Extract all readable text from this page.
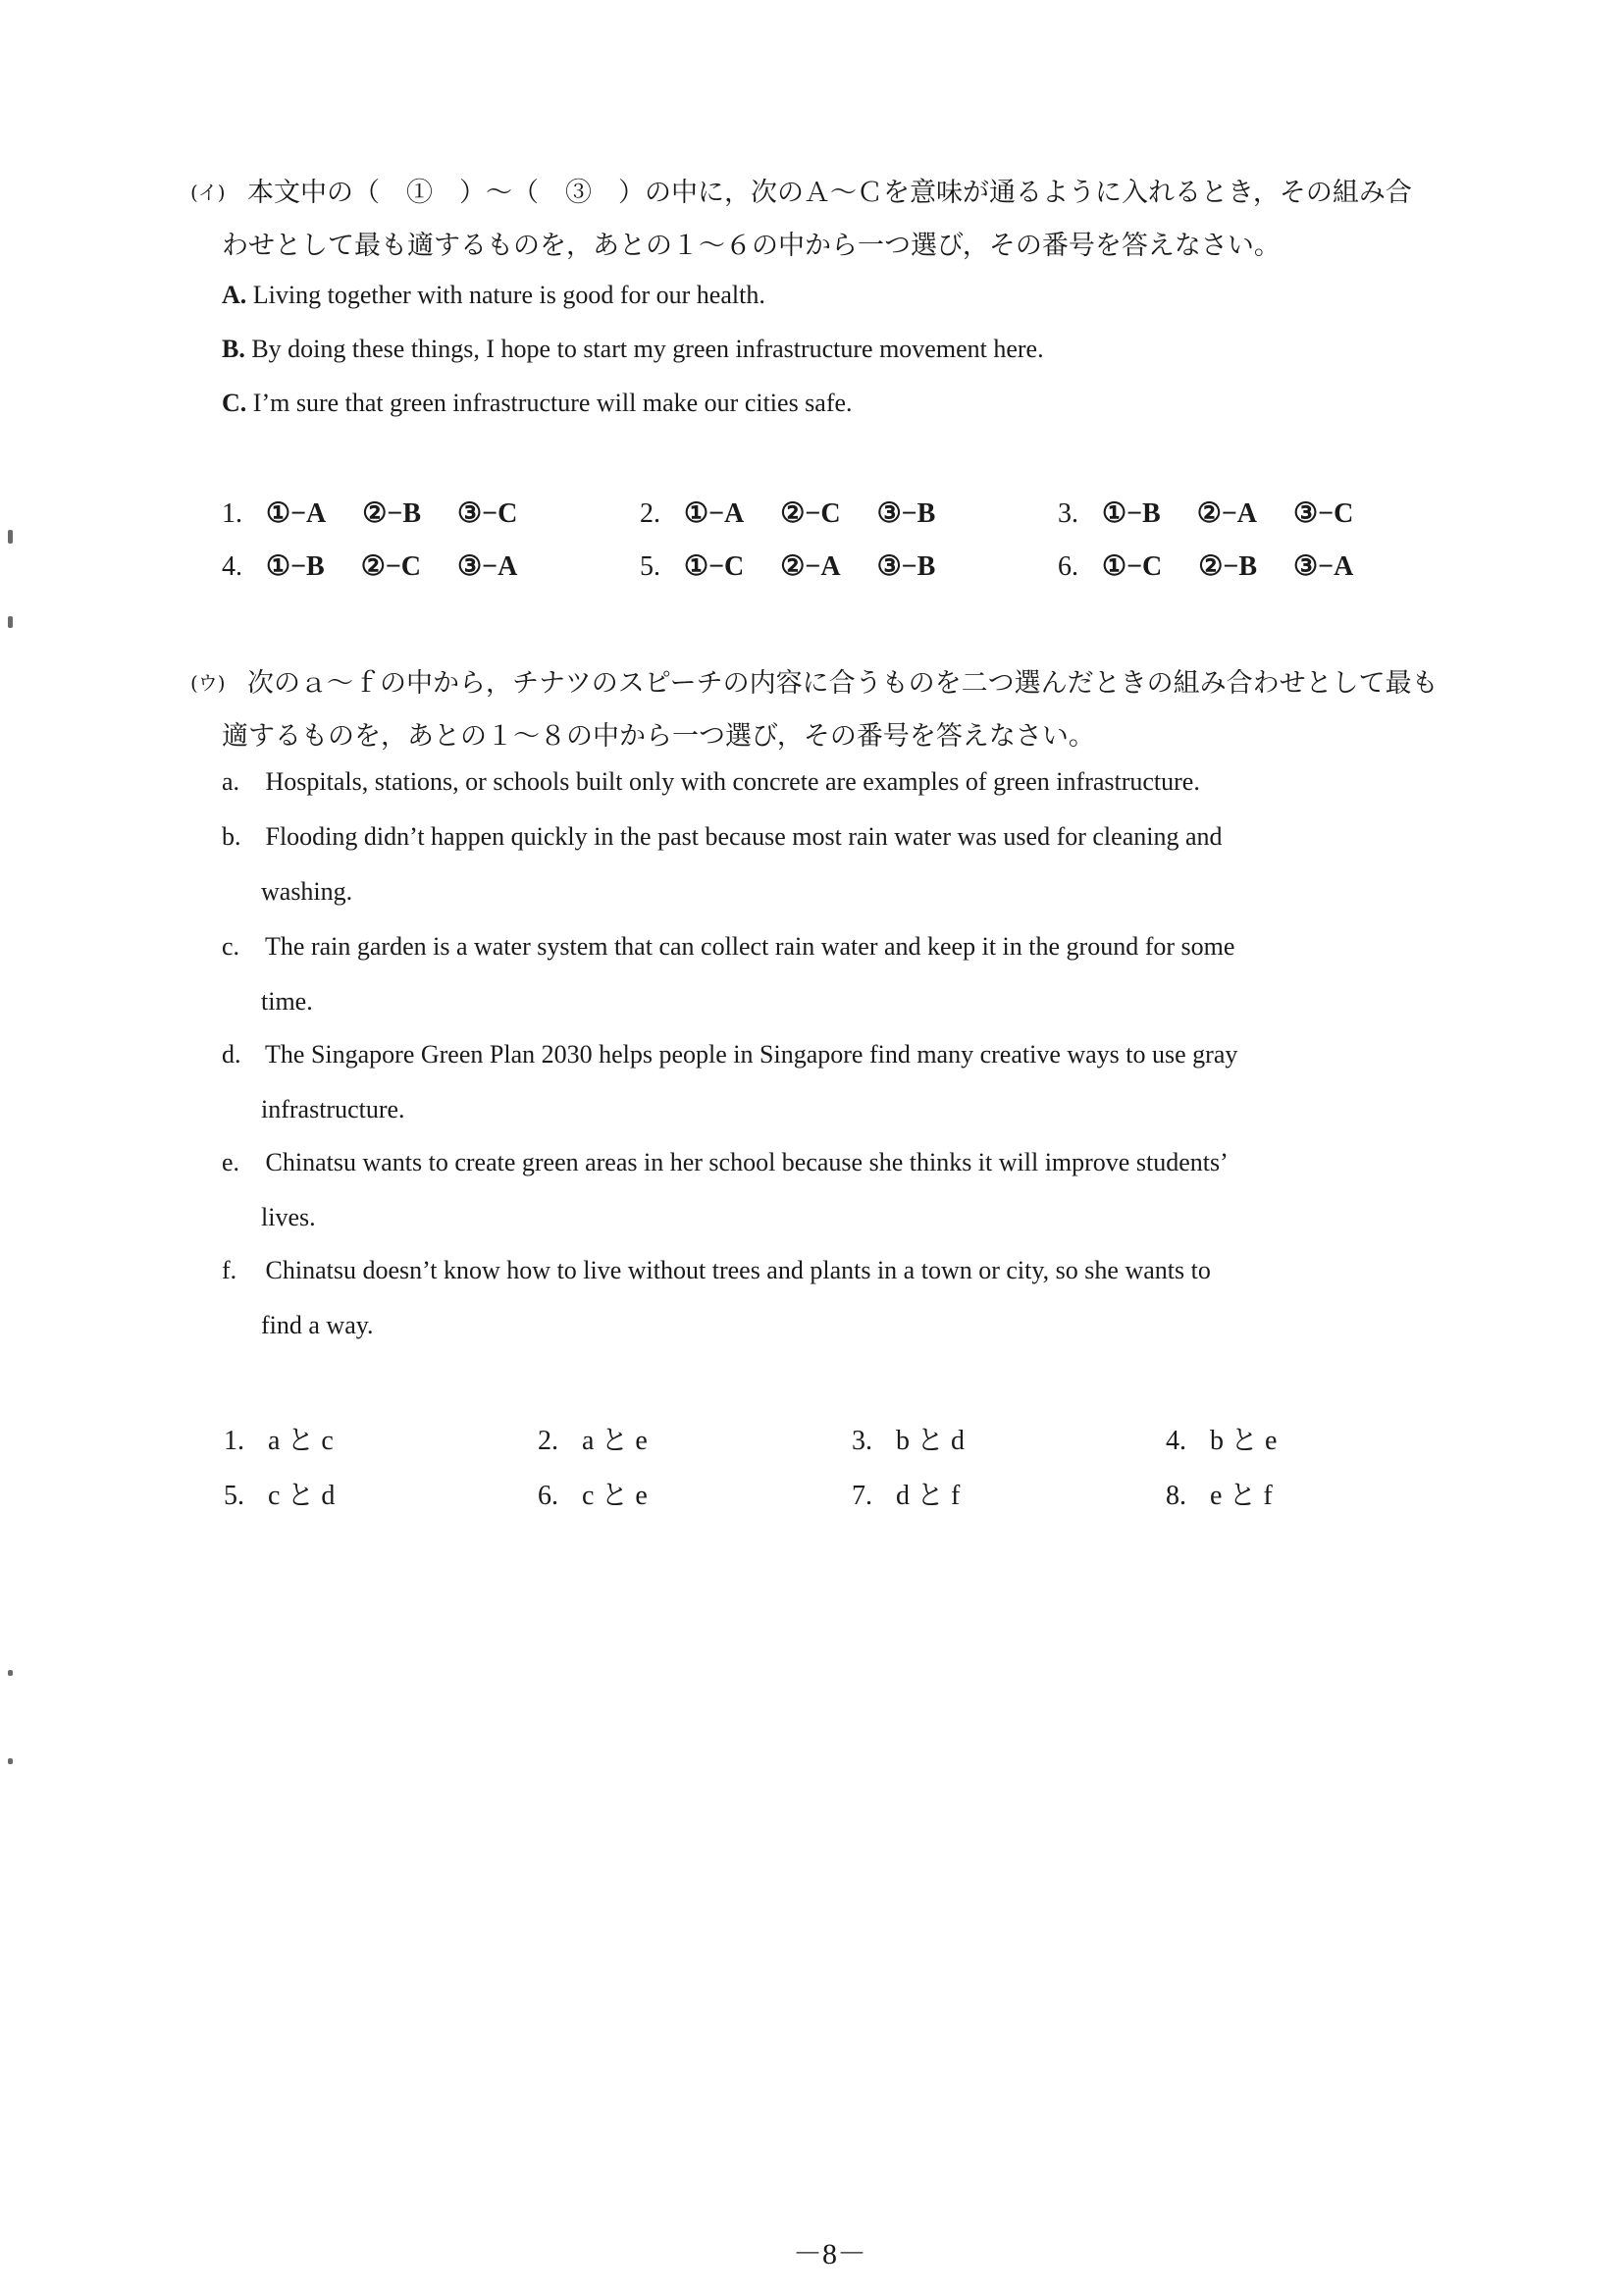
(イ) 本文中の（　①　）～（　③　）の中に，次のＡ～Ｃを意味が通るように入れるとき，その組み合
わせとして最も適するものを，あとの１～６の中から一つ選び，その番号を答えなさい。
A. Living together with nature is good for our health.
B. By doing these things, I hope to start my green infrastructure movement here.
C. I’m sure that green infrastructure will make our cities safe.
1. ①−A ②−B ③−C	2. ①−A ②−C ③−B	3. ①−B ②−A ③−C
4. ①−B ②−C ③−A	5. ①−C ②−A ③−B	6. ①−C ②−B ③−A
(ウ) 次のａ～ｆの中から，チナツのスピーチの内容に合うものを二つ選んだときの組み合わせとして最も
適するものを，あとの１～８の中から一つ選び，その番号を答えなさい。
a. Hospitals, stations, or schools built only with concrete are examples of green infrastructure.
b. Flooding didn’t happen quickly in the past because most rain water was used for cleaning and
washing.
c. The rain garden is a water system that can collect rain water and keep it in the ground for some
time.
d. The Singapore Green Plan 2030 helps people in Singapore find many creative ways to use gray
infrastructure.
e. Chinatsu wants to create green areas in her school because she thinks it will improve students’
lives.
f. Chinatsu doesn’t know how to live without trees and plants in a town or city, so she wants to
find a way.
1. a と c	2. a と e	3. b と d	4. b と e
5. c と d	6. c と e	7. d と f	8. e と f
－8－
